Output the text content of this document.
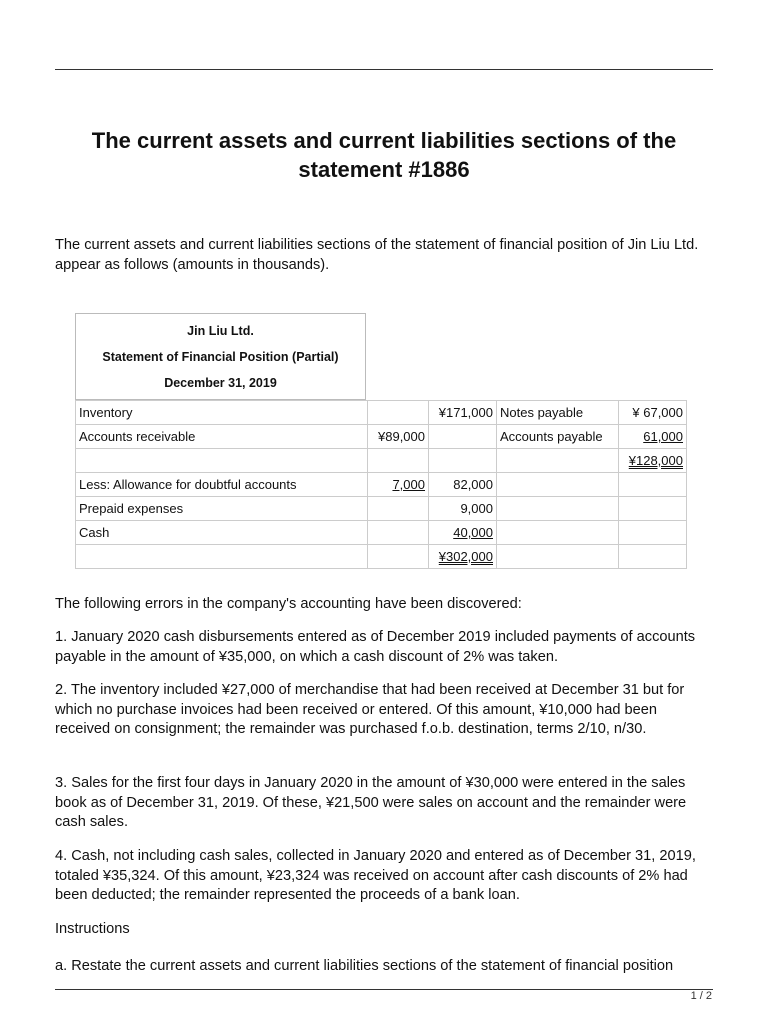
The current assets and current liabilities sections of the statement #1886

The current assets and current liabilities sections of the statement of financial position of Jin Liu Ltd. appear as follows (amounts in thousands).

Jin Liu Ltd.
Statement of Financial Position (Partial)
December 31, 2019
Inventory		¥171,000	Notes payable	¥ 67,000
Accounts receivable	¥89,000		Accounts payable	61,000
				¥128,000
Less: Allowance for doubtful accounts	7,000	82,000		
Prepaid expenses		9,000		
Cash		40,000		
		¥302,000		

The following errors in the company's accounting have been discovered:

1. January 2020 cash disbursements entered as of December 2019 included payments of accounts payable in the amount of ¥35,000, on which a cash discount of 2% was taken.

2. The inventory included ¥27,000 of merchandise that had been received at December 31 but for which no purchase invoices had been received or entered. Of this amount, ¥10,000 had been received on consignment; the remainder was purchased f.o.b. destination, terms 2/10, n/30.

3. Sales for the first four days in January 2020 in the amount of ¥30,000 were entered in the sales book as of December 31, 2019. Of these, ¥21,500 were sales on account and the remainder were cash sales.

4. Cash, not including cash sales, collected in January 2020 and entered as of December 31, 2019, totaled ¥35,324. Of this amount, ¥23,324 was received on account after cash discounts of 2% had been deducted; the remainder represented the proceeds of a bank loan.

Instructions

a. Restate the current assets and current liabilities sections of the statement of financial position

1 / 2
